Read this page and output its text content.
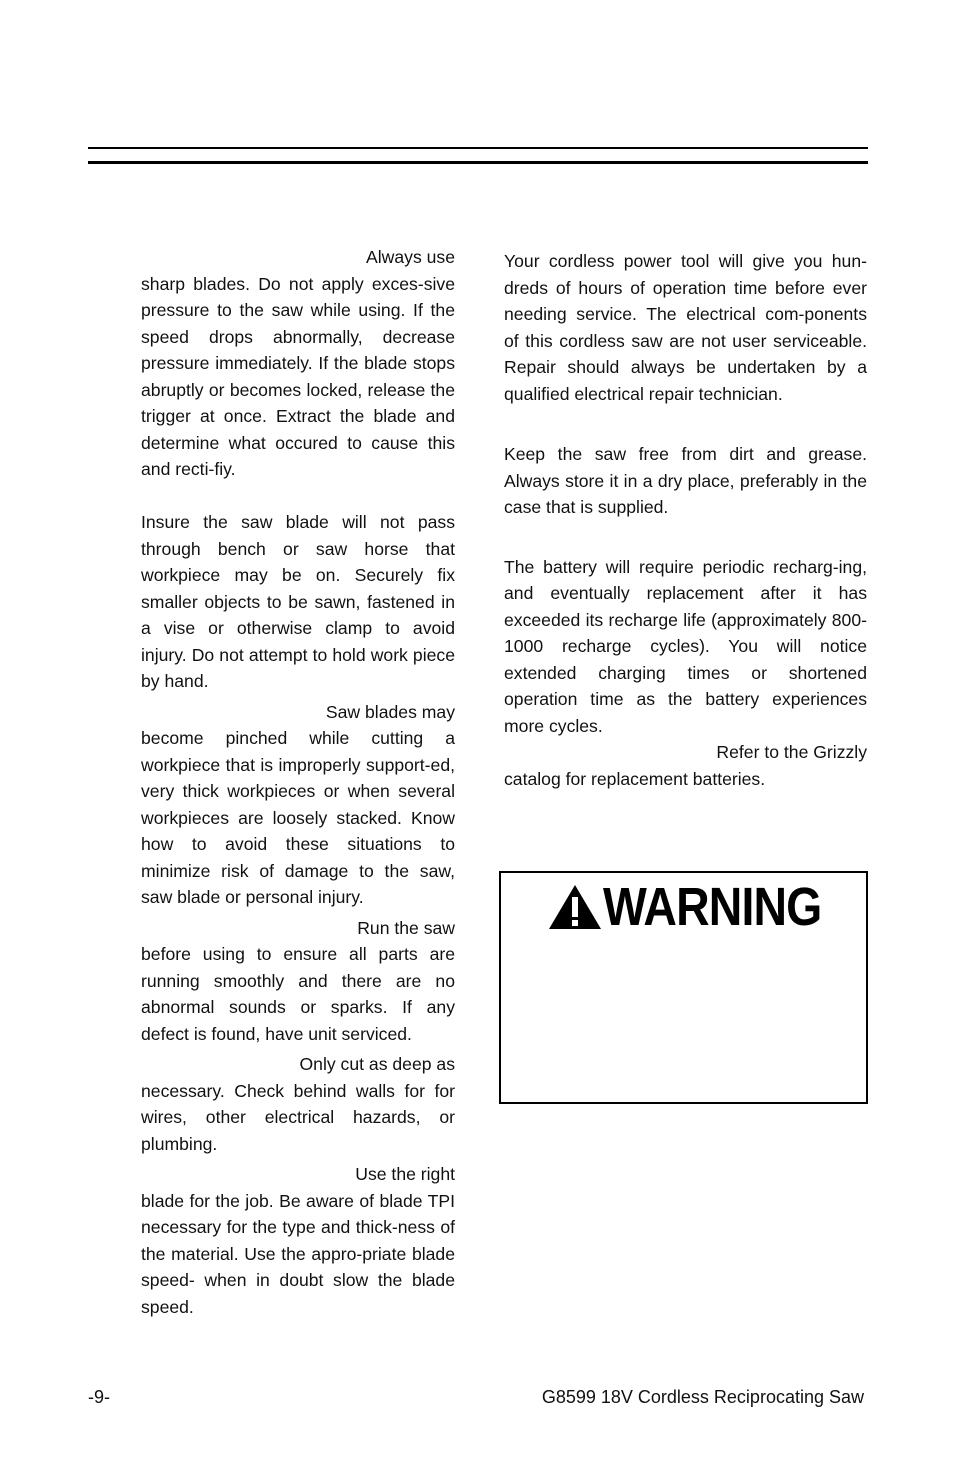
Always use
sharp blades. Do not apply exces-sive pressure to the saw while using. If the speed drops abnormally, decrease pressure immediately. If the blade stops abruptly or becomes locked, release the trigger at once. Extract the blade and determine what occured to cause this and recti-fiy.

Insure the saw blade will not pass through bench or saw horse that workpiece may be on. Securely fix smaller objects to be sawn, fastened in a vise or otherwise clamp to avoid injury. Do not attempt to hold work piece by hand.

Saw blades may
become pinched while cutting a workpiece that is improperly support-ed, very thick workpieces or when several workpieces are loosely stacked. Know how to avoid these situations to minimize risk of damage to the saw, saw blade or personal injury.

Run the saw
before using to ensure all parts are running smoothly and there are no abnormal sounds or sparks. If any defect is found, have unit serviced.

Only cut as deep as
necessary. Check behind walls for for wires, other electrical hazards, or plumbing.

Use the right
blade for the job. Be aware of blade TPI necessary for the type and thick-ness of the material. Use the appro-priate blade speed- when in doubt slow the blade speed.

Your cordless power tool will give you hun-dreds of hours of operation time before ever needing service. The electrical com-ponents of this cordless saw are not user serviceable. Repair should always be undertaken by a qualified electrical repair technician.

Keep the saw free from dirt and grease. Always store it in a dry place, preferably in the case that is supplied.

The battery will require periodic recharg-ing, and eventually replacement after it has exceeded its recharge life (approximately 800-1000 recharge cycles). You will notice extended charging times or shortened operation time as the battery experiences more cycles.
Refer to the Grizzly
catalog for replacement batteries.

WARNING
-9-	G8599 18V Cordless Reciprocating Saw
